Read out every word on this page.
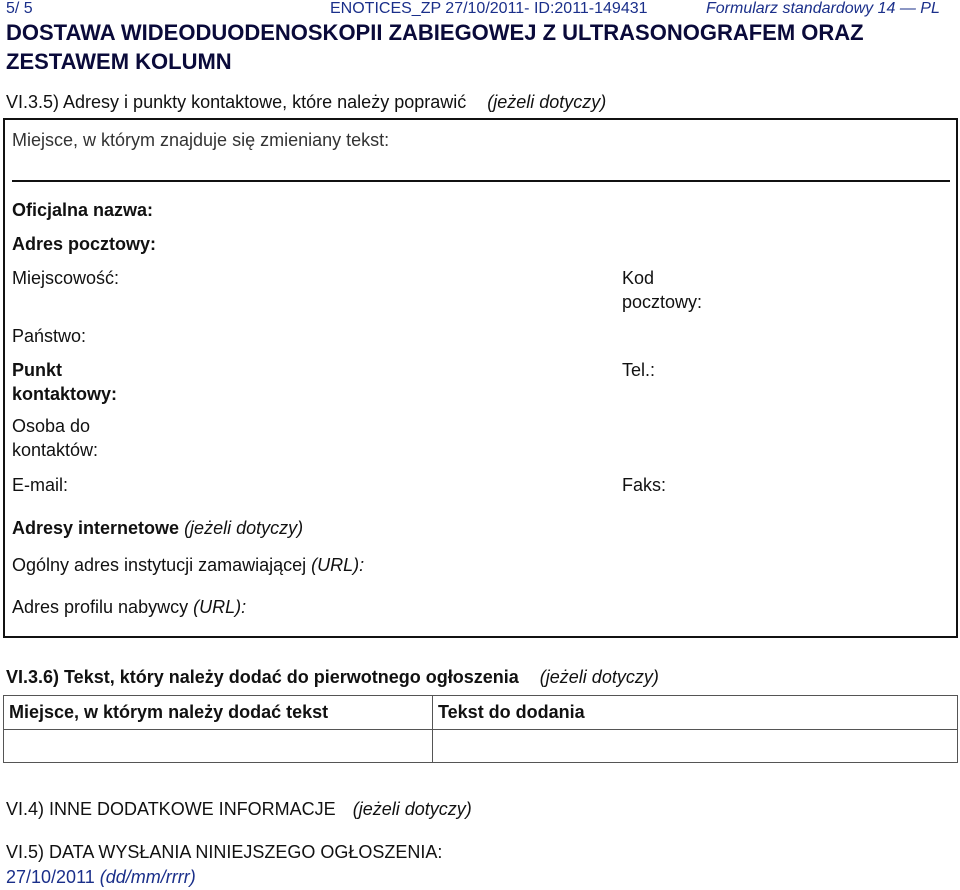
5/ 5	ENOTICES_ZP 27/10/2011- ID:2011-149431	Formularz standardowy 14 — PL
DOSTAWA WIDEODUODENOSKOPII ZABIEGOWEJ Z ULTRASONOGRAFEM ORAZ
ZESTAWEM KOLUMN
VI.3.5) Adresy i punkty kontaktowe, które należy poprawić (jeżeli dotyczy)
Miejsce, w którym znajduje się zmieniany tekst:
Oficjalna nazwa:
Adres pocztowy:
Miejscowość:	Kod
pocztowy:
Państwo:
Punkt
kontaktowy:
Tel.:
Osoba do
kontaktów:
E-mail:	Faks:
Adresy internetowe (jeżeli dotyczy)
Ogólny adres instytucji zamawiającej (URL):
Adres profilu nabywcy (URL):
VI.3.6) Tekst, który należy dodać do pierwotnego ogłoszenia (jeżeli dotyczy)
Miejsce, w którym należy dodać tekst	Tekst do dodania
VI.4) INNE DODATKOWE INFORMACJE (jeżeli dotyczy)
VI.5) DATA WYSŁANIA NINIEJSZEGO OGŁOSZENIA:
27/10/2011 (dd/mm/rrrr)
